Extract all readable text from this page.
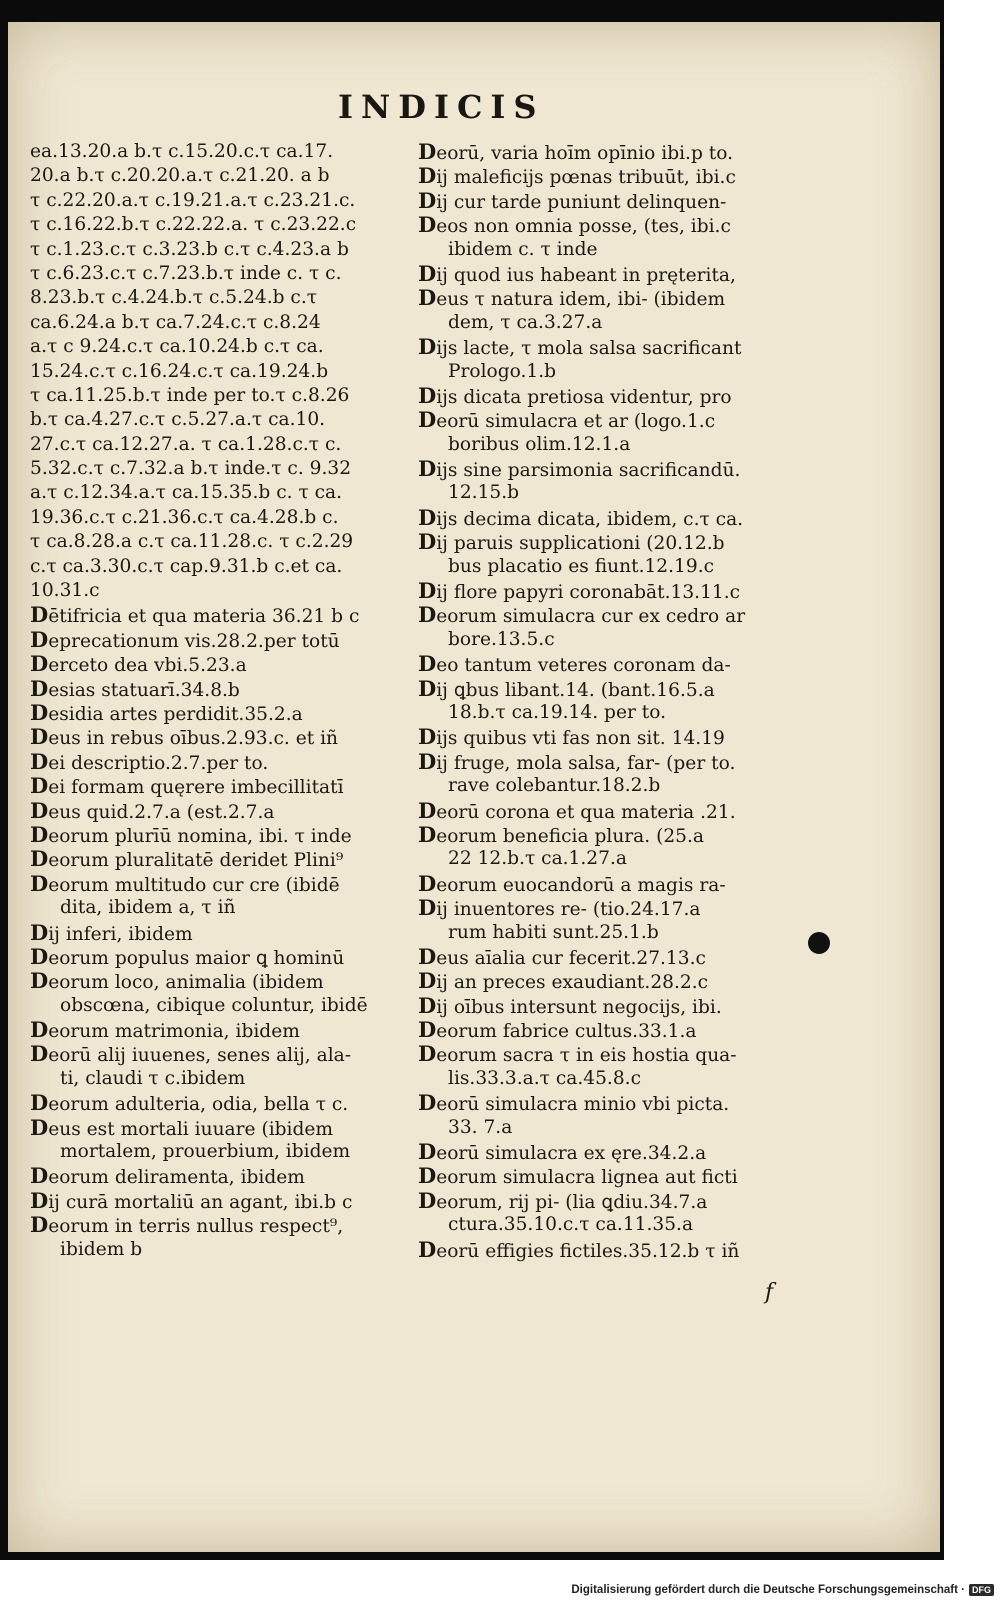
INDICIS
ea.13.20.a b.τ c.15.20.c.τ ca.17.
20.a b.τ c.20.20.a.τ c.21.20. a b
τ c.22.20.a.τ c.19.21.a.τ c.23.21.c.
τ c.16.22.b.τ c.22.22.a. τ c.23.22.c
τ c.1.23.c.τ c.3.23.b c.τ c.4.23.a b
τ c.6.23.c.τ c.7.23.b.τ inde c. τ c.
8.23.b.τ c.4.24.b.τ c.5.24.b c.τ
ca.6.24.a b.τ ca.7.24.c.τ c.8.24
a.τ c 9.24.c.τ ca.10.24.b c.τ ca.
15.24.c.τ c.16.24.c.τ ca.19.24.b
τ ca.11.25.b.τ inde per to.τ c.8.26
b.τ ca.4.27.c.τ c.5.27.a.τ ca.10.
27.c.τ ca.12.27.a. τ ca.1.28.c.τ c.
5.32.c.τ c.7.32.a b.τ inde.τ c. 9.32
a.τ c.12.34.a.τ ca.15.35.b c. τ ca.
19.36.c.τ c.21.36.c.τ ca.4.28.b c.
τ ca.8.28.a c.τ ca.11.28.c. τ c.2.29
c.τ ca.3.30.c.τ cap.9.31.b c.et ca.
10.31.c
Dētifricia et qua materia 36.21 b c
Deprecationum vis.28.2.per totū
Derceto dea vbi.5.23.a
Desias statuarī.34.8.b
Desidia artes perdidit.35.2.a
Deus in rebus oībus.2.93.c. et iñ
Dei descriptio.2.7.per to.
Dei formam quęrere imbecillitatī
Deus quid.2.7.a (est.2.7.a
Deorum plurīū nomina, ibi. τ inde
Deorum pluralitatē deridet Plini⁹
Deorum multitudo cur cre (ibidē
dita, ibidem a, τ iñ
Dij inferi, ibidem
Deorum populus maior ꝗ hominū
Deorum loco, animalia (ibidem
obscœna, cibique coluntur, ibidē
Deorum matrimonia, ibidem
Deorū alij iuuenes, senes alij, ala-
ti, claudi τ c.ibidem
Deorum adulteria, odia, bella τ c.
Deus est mortali iuuare (ibidem
mortalem, prouerbium, ibidem
Deorum deliramenta, ibidem
Dij curā mortaliū an agant, ibi.b c
Deorum in terris nullus respect⁹,
ibidem b
Deorū, varia hoīm opīnio ibi.p to.
Dij maleficijs pœnas tribuūt, ibi.c
Dij cur tarde puniunt delinquen-
Deos non omnia posse, (tes, ibi.c
ibidem c. τ inde
Dij quod ius habeant in pręterita,
Deus τ natura idem, ibi- (ibidem
dem, τ ca.3.27.a
Dijs lacte, τ mola salsa sacrificant
Prologo.1.b
Dijs dicata pretiosa videntur, pro
Deorū simulacra et ar (logo.1.c
boribus olim.12.1.a
Dijs sine parsimonia sacrificandū.
12.15.b
Dijs decima dicata, ibidem, c.τ ca.
Dij paruis supplicationi (20.12.b
bus placatio es fiunt.12.19.c
Dij flore papyri coronabāt.13.11.c
Deorum simulacra cur ex cedro ar
bore.13.5.c
Deo tantum veteres coronam da-
Dij ꝗbus libant.14. (bant.16.5.a
18.b.τ ca.19.14. per to.
Dijs quibus vti fas non sit. 14.19
Dij fruge, mola salsa, far- (per to.
rave colebantur.18.2.b
Deorū corona et qua materia .21.
Deorum beneficia plura. (25.a
22 12.b.τ ca.1.27.a
Deorum euocandorū a magis ra-
Dij inuentores re- (tio.24.17.a
rum habiti sunt.25.1.b
Deus aīalia cur fecerit.27.13.c
Dij an preces exaudiant.28.2.c
Dij oībus intersunt negocijs, ibi.
Deorum fabrice cultus.33.1.a
Deorum sacra τ in eis hostia qua-
lis.33.3.a.τ ca.45.8.c
Deorū simulacra minio vbi picta.
33. 7.a
Deorū simulacra ex ęre.34.2.a
Deorum simulacra lignea aut ficti
Deorum, rij pi- (lia ꝗdiu.34.7.a
ctura.35.10.c.τ ca.11.35.a
Deorū effigies fictiles.35.12.b τ iñ
f
Digitalisierung gefördert durch die Deutsche Forschungsgemeinschaft · DFG
